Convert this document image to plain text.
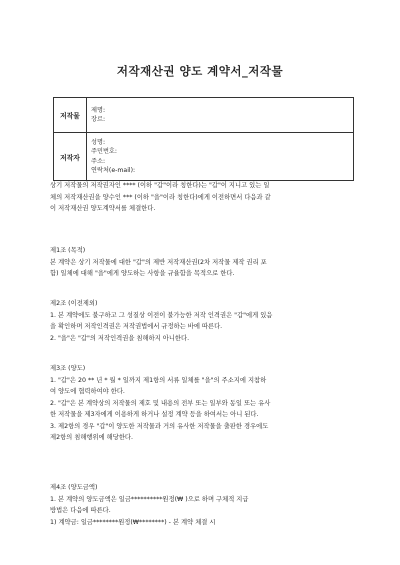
저작재산권 양도 계약서_저작물
저작물	제명:
장르:

저작자	성명:
주민번호:
주소:
연락처(e-mail):

상기 저작물의 저작권자인 **** (이하 "갑"이라 칭한다)는 "갑"이 지니고 있는 일

체의 저작재산권을 양수인 *** (이하 "을"이라 칭한다)에게 이전하면서 다음과 같

이 저작재산권 양도계약서를 체결한다.

제1조 (목적)

본 계약은 상기 저작물에 대한 "갑"의 제반 저작재산권(2차 저작물 제작 권리 포

함) 일체에 대해 "을"에게 양도하는 사항을 규율함을 목적으로 한다.

제2조 (이전제외)

1. 본 계약에도 불구하고 그 성질상 이전이 불가능한 저작 인격권은 "갑"에게 있음

을 확인하며 저작인격권은 저작권법에서 규정하는 바에 따른다.

2. "을"은 "갑"의 저작인격권을 침해하지 아니한다.

제3조 (양도)

1. "갑"은 20 ** 년 * 월 * 일까지 제1항의 서류 일체를 "을"의 주소지에 지참하

여 양도에 협력하여야 한다.

2. "갑"은 본 계약상의 저작물의 제호 및 내용의 전부 또는 일부와 동일 또는 유사

한 저작물을 제3자에게 이용하게 하거나 설정 계약 등을 하여서는 아니 된다.

3. 제2항의 경우 "갑"이 양도한 저작물과 거의 유사한 저작물을 출판한 경우에도

제2항의 침해행위에 해당한다.

제4조 (양도금액)

1. 본 계약의 양도금액은 일금**********원정(₩ )으로 하며 구체적 지급

방법은 다음에 따른다.

1) 계약금: 일금********원정(₩********) - 본 계약 체결 시
